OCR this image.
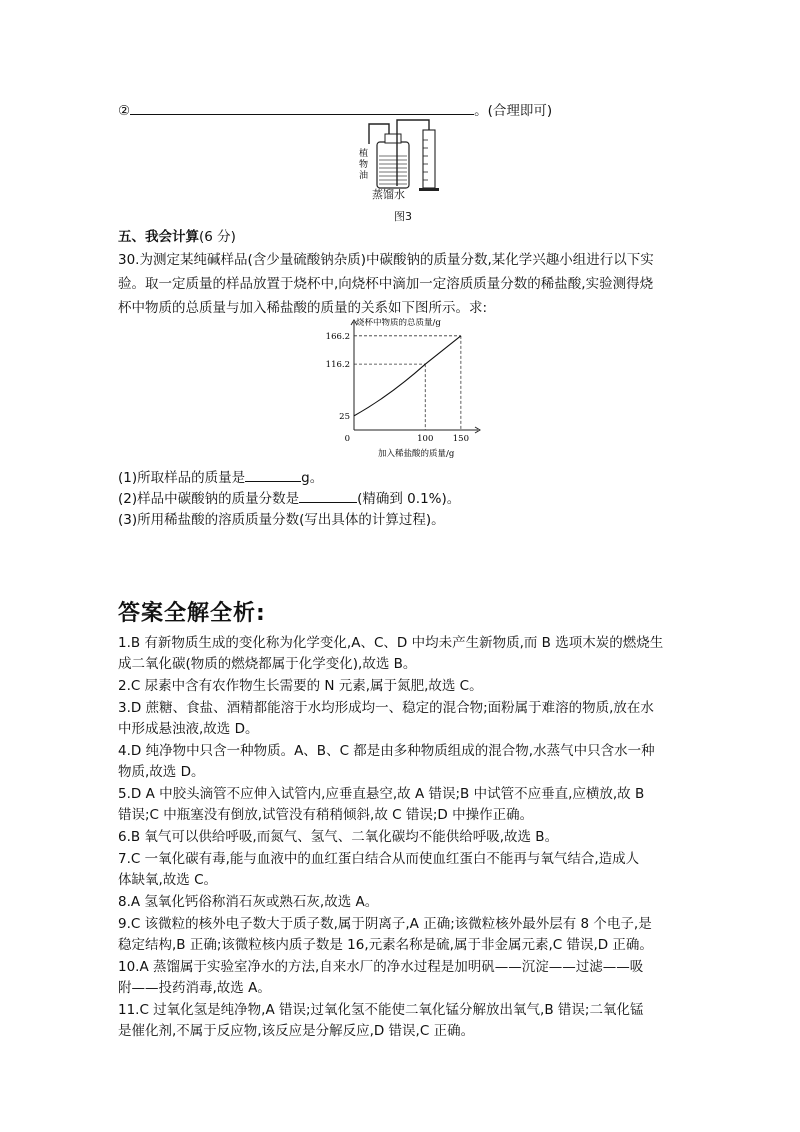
②	。(合理即可)
植
物
油
蒸馏水
图3
五、我会计算(6 分)
30.为测定某纯碱样品(含少量硫酸钠杂质)中碳酸钠的质量分数,某化学兴趣小组进行以下实
验。取一定质量的样品放置于烧杯中,向烧杯中滴加一定溶质质量分数的稀盐酸,实验测得烧
杯中物质的总质量与加入稀盐酸的质量的关系如下图所示。求:
25
116.2
166.2
100 150
0
烧杯中物质的总质量/g
加入稀盐酸的质量/g
(1)所取样品的质量是	g。
(2)样品中碳酸钠的质量分数是	(精确到 0.1%)。
(3)所用稀盐酸的溶质质量分数(写出具体的计算过程)。
答案全解全析:
1.B 有新物质生成的变化称为化学变化,A、C、D 中均未产生新物质,而 B 选项木炭的燃烧生
成二氧化碳(物质的燃烧都属于化学变化),故选 B。
2.C 尿素中含有农作物生长需要的 N 元素,属于氮肥,故选 C。
3.D 蔗糖、食盐、酒精都能溶于水均形成均一、稳定的混合物;面粉属于难溶的物质,放在水
中形成悬浊液,故选 D。
4.D 纯净物中只含一种物质。A、B、C 都是由多种物质组成的混合物,水蒸气中只含水一种
物质,故选 D。
5.D A 中胶头滴管不应伸入试管内,应垂直悬空,故 A 错误;B 中试管不应垂直,应横放,故 B
错误;C 中瓶塞没有倒放,试管没有稍稍倾斜,故 C 错误;D 中操作正确。
6.B 氧气可以供给呼吸,而氮气、氢气、二氧化碳均不能供给呼吸,故选 B。
7.C 一氧化碳有毒,能与血液中的血红蛋白结合从而使血红蛋白不能再与氧气结合,造成人
体缺氧,故选 C。
8.A 氢氧化钙俗称消石灰或熟石灰,故选 A。
9.C 该微粒的核外电子数大于质子数,属于阴离子,A 正确;该微粒核外最外层有 8 个电子,是
稳定结构,B 正确;该微粒核内质子数是 16,元素名称是硫,属于非金属元素,C 错误,D 正确。
10.A 蒸馏属于实验室净水的方法,自来水厂的净水过程是加明矾——沉淀——过滤——吸
附——投药消毒,故选 A。
11.C 过氧化氢是纯净物,A 错误;过氧化氢不能使二氧化锰分解放出氧气,B 错误;二氧化锰
是催化剂,不属于反应物,该反应是分解反应,D 错误,C 正确。
